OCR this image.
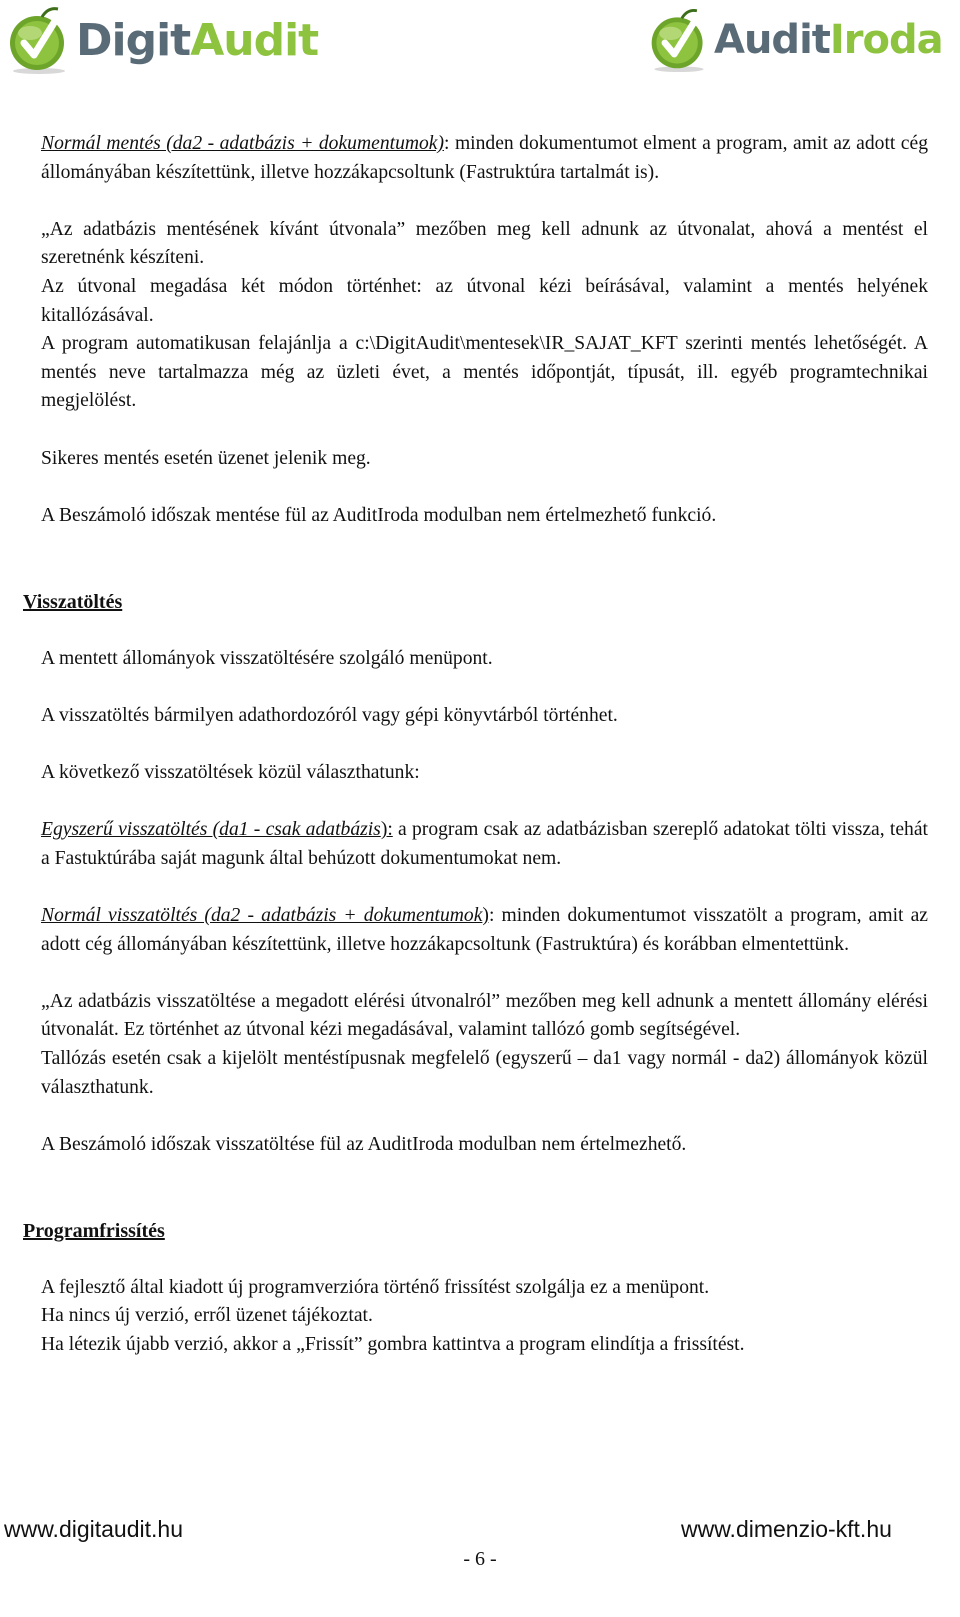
DigitAudit	AuditIroda

Normál mentés (da2 - adatbázis + dokumentumok): minden dokumentumot elment a program, amit az adott cég állományában készítettünk, illetve hozzákapcsoltunk (Fastruktúra tartalmát is).

„Az adatbázis mentésének kívánt útvonala” mezőben meg kell adnunk az útvonalat, ahová a mentést el szeretnénk készíteni.

Az útvonal megadása két módon történhet: az útvonal kézi beírásával, valamint a mentés helyének kitallózásával.

A program automatikusan felajánlja a c:\DigitAudit\mentesek\IR_SAJAT_KFT szerinti mentés lehetőségét. A mentés neve tartalmazza még az üzleti évet, a mentés időpontját, típusát, ill. egyéb programtechnikai megjelölést.

Sikeres mentés esetén üzenet jelenik meg.

A Beszámoló időszak mentése fül az AuditIroda modulban nem értelmezhető funkció.

Visszatöltés

A mentett állományok visszatöltésére szolgáló menüpont.

A visszatöltés bármilyen adathordozóról vagy gépi könyvtárból történhet.

A következő visszatöltések közül választhatunk:

Egyszerű visszatöltés (da1 - csak adatbázis): a program csak az adatbázisban szereplő adatokat tölti vissza, tehát a Fastuktúrába saját magunk által behúzott dokumentumokat nem.

Normál visszatöltés (da2 - adatbázis + dokumentumok): minden dokumentumot visszatölt a program, amit az adott cég állományában készítettünk, illetve hozzákapcsoltunk (Fastruktúra) és korábban elmentettünk.

„Az adatbázis visszatöltése a megadott elérési útvonalról” mezőben meg kell adnunk a mentett állomány elérési útvonalát. Ez történhet az útvonal kézi megadásával, valamint tallózó gomb segítségével.

Tallózás esetén csak a kijelölt mentéstípusnak megfelelő (egyszerű – da1 vagy normál - da2) állományok közül választhatunk.

A Beszámoló időszak visszatöltése fül az AuditIroda modulban nem értelmezhető.

Programfrissítés

A fejlesztő által kiadott új programverzióra történő frissítést szolgálja ez a menüpont.

Ha nincs új verzió, erről üzenet tájékoztat.

Ha létezik újabb verzió, akkor a „Frissít” gombra kattintva a program elindítja a frissítést.

www.digitaudit.hu	www.dimenzio-kft.hu
- 6 -
